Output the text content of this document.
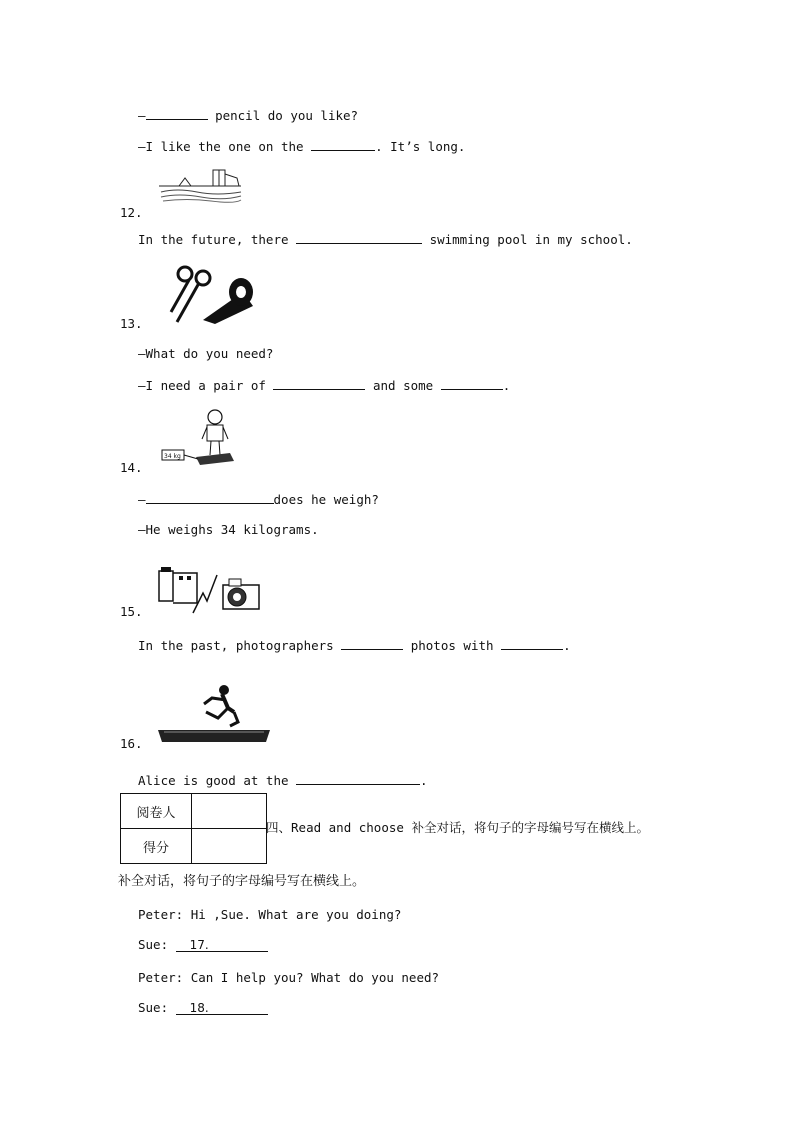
—	pencil do you like?
—I like the one on the	. It’s long.
12.
In the future, there	swimming pool in my school.
13.
—What do you need?
—I need a pair of	and some	.
34 kg
14.
—	does he weigh?
—He weighs 34 kilograms.
15.
In the past, photographers	photos with	.
16.
Alice is good at the	.
阅卷人	
得分	
四、Read and choose 补全对话，将句子的字母编号写在横线上。
补全对话，将句子的字母编号写在横线上。
Peter: Hi ,Sue. What are you doing?
Sue: 17.
Peter: Can I help you? What do you need?
Sue: 18.
